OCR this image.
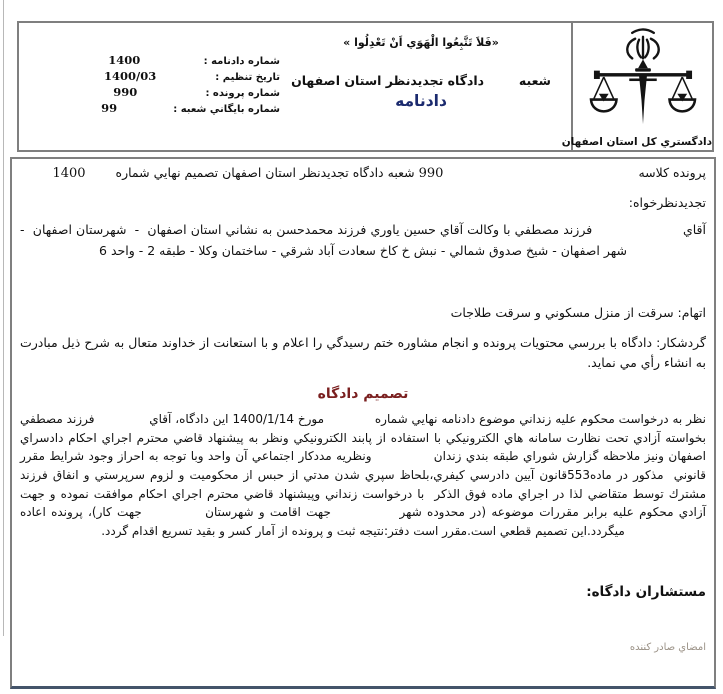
شماره دادنامه :
1400
تاريخ تنظيم :
1400/03
شماره پرونده :
990
شماره بايگاني شعبه :
99
«فَلاَ تَتَّبِعُوا الْهَوَي اَنْ تَعْدِلُوا »
شعبه        دادگاه تجديدنظر استان اصفهان
دادنامه
دادگستري كل استان اصفهان
پرونده كلاسه
990
شعبه
دادگاه تجديدنظر استان اصفهان تصميم نهايي شماره
1400
تجديدنظرخواه:
آقاي                      فرزند مصطفي با وكالت آقاي حسين ياوري فرزند محمدحسن به نشاني استان اصفهان  -  شهرستان اصفهان  -  شهر اصفهان - شيخ صدوق شمالي - نبش خ كاخ سعادت آباد شرقي - ساختمان وكلا - طبقه 2 - واحد 6
اتهام: سرقت از منزل مسكوني و سرقت طلاجات
گردشكار: دادگاه با بررسي محتويات پرونده و انجام مشاوره ختم رسيدگي را اعلام و با استعانت از خداوند متعال به شرح ذيل مبادرت به انشاء رأي مي نمايد.
تصميم دادگاه
نظر به درخواست محكوم عليه زنداني موضوع دادنامه نهايي شماره             مورخ 1400/1/14 اين دادگاه، آقاي              فرزند مصطفي بخواسته آزادي تحت نظارت سامانه هاي الكترونيكي با استفاده از پابند الكترونيكي ونظر به پيشنهاد قاضي محترم اجراي احكام دادسراي اصفهان ونيز ملاحظه گزارش شوراي طبقه بندي زندان              ونظريه مددكار اجتماعي آن واحد وبا توجه به احراز وجود شرايط مقرر قانوني  مذكور در ماده553قانون آيين دادرسي كيفري،بلحاظ سپري شدن مدتي از حبس از محكوميت و لزوم سرپرستي و انفاق فرزند مشترك توسط متقاضي لذا در اجراي ماده فوق الذكر  با درخواست زنداني وپيشنهاد قاضي محترم اجراي احكام موافقت نموده و جهت آزادي محكوم عليه برابر مقررات موضوعه (در محدوده شهر             جهت اقامت و شهرستان            جهت كار)، پرونده اعاده ميگردد.اين تصميم قطعي است.مقرر است دفتر:نتيجه ثبت و پرونده از آمار كسر و بقيد تسريع اقدام گردد.
مستشاران دادگاه:
امضاي صادر كننده
